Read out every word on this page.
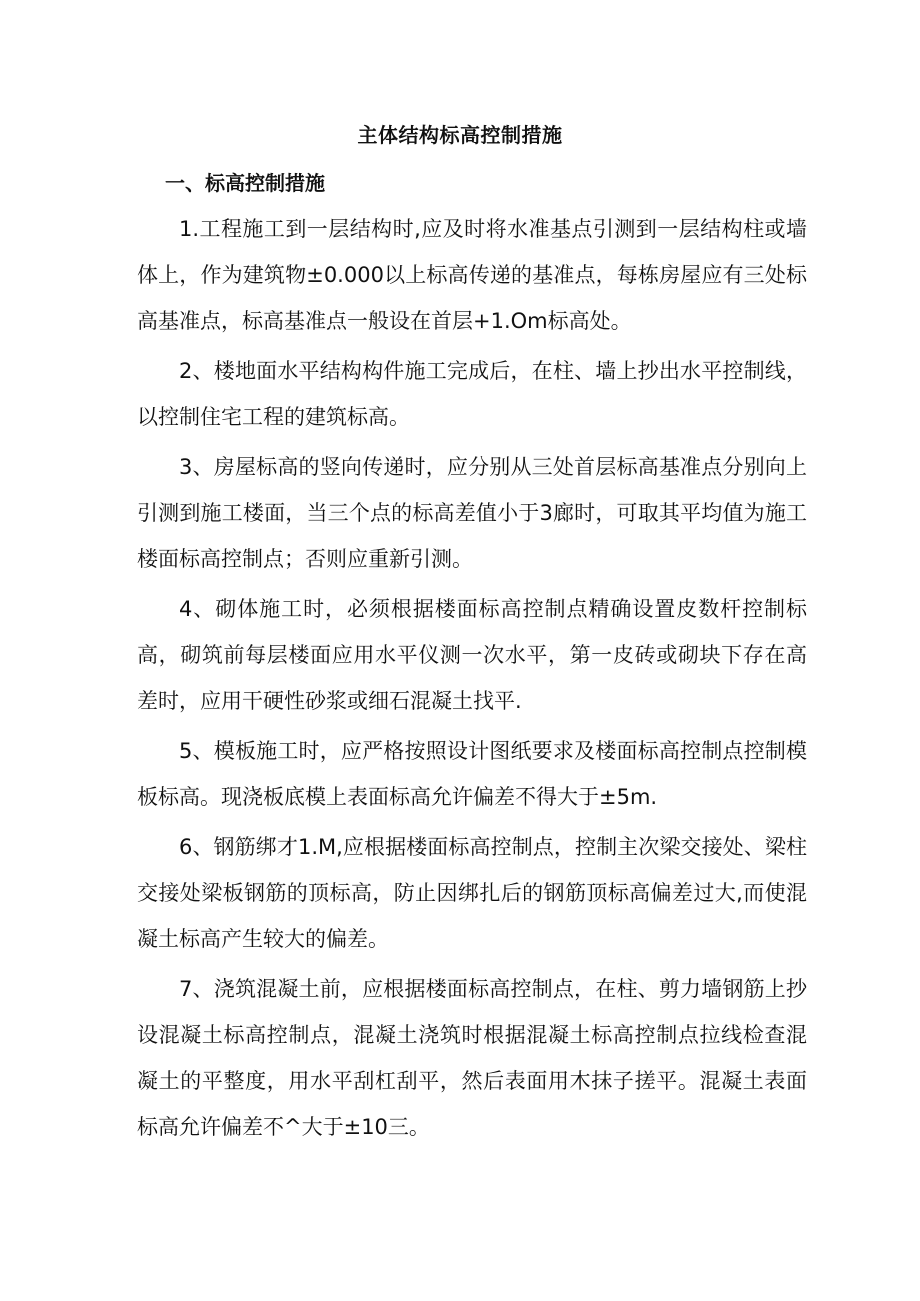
主体结构标高控制措施
一、标高控制措施

1.工程施工到一层结构时,应及时将水准基点引测到一层结构柱或墙体上，作为建筑物±0.000以上标高传递的基准点，每栋房屋应有三处标高基准点，标高基准点一般设在首层+1.Om标高处。

2、楼地面水平结构构件施工完成后，在柱、墙上抄出水平控制线，以控制住宅工程的建筑标高。

3、房屋标高的竖向传递时，应分别从三处首层标高基准点分别向上引测到施工楼面，当三个点的标高差值小于3廊时，可取其平均值为施工楼面标高控制点；否则应重新引测。

4、砌体施工时，必须根据楼面标高控制点精确设置皮数杆控制标高，砌筑前每层楼面应用水平仪测一次水平，第一皮砖或砌块下存在高差时，应用干硬性砂浆或细石混凝土找平.

5、模板施工时，应严格按照设计图纸要求及楼面标高控制点控制模板标高。现浇板底模上表面标高允许偏差不得大于±5m.

6、钢筋绑才1.M,应根据楼面标高控制点，控制主次梁交接处、梁柱交接处梁板钢筋的顶标高，防止因绑扎后的钢筋顶标高偏差过大,而使混凝土标高产生较大的偏差。

7、浇筑混凝土前，应根据楼面标高控制点，在柱、剪力墙钢筋上抄设混凝土标高控制点，混凝土浇筑时根据混凝土标高控制点拉线检查混凝土的平整度，用水平刮杠刮平，然后表面用木抹子搓平。混凝土表面标高允许偏差不^大于±10三。
